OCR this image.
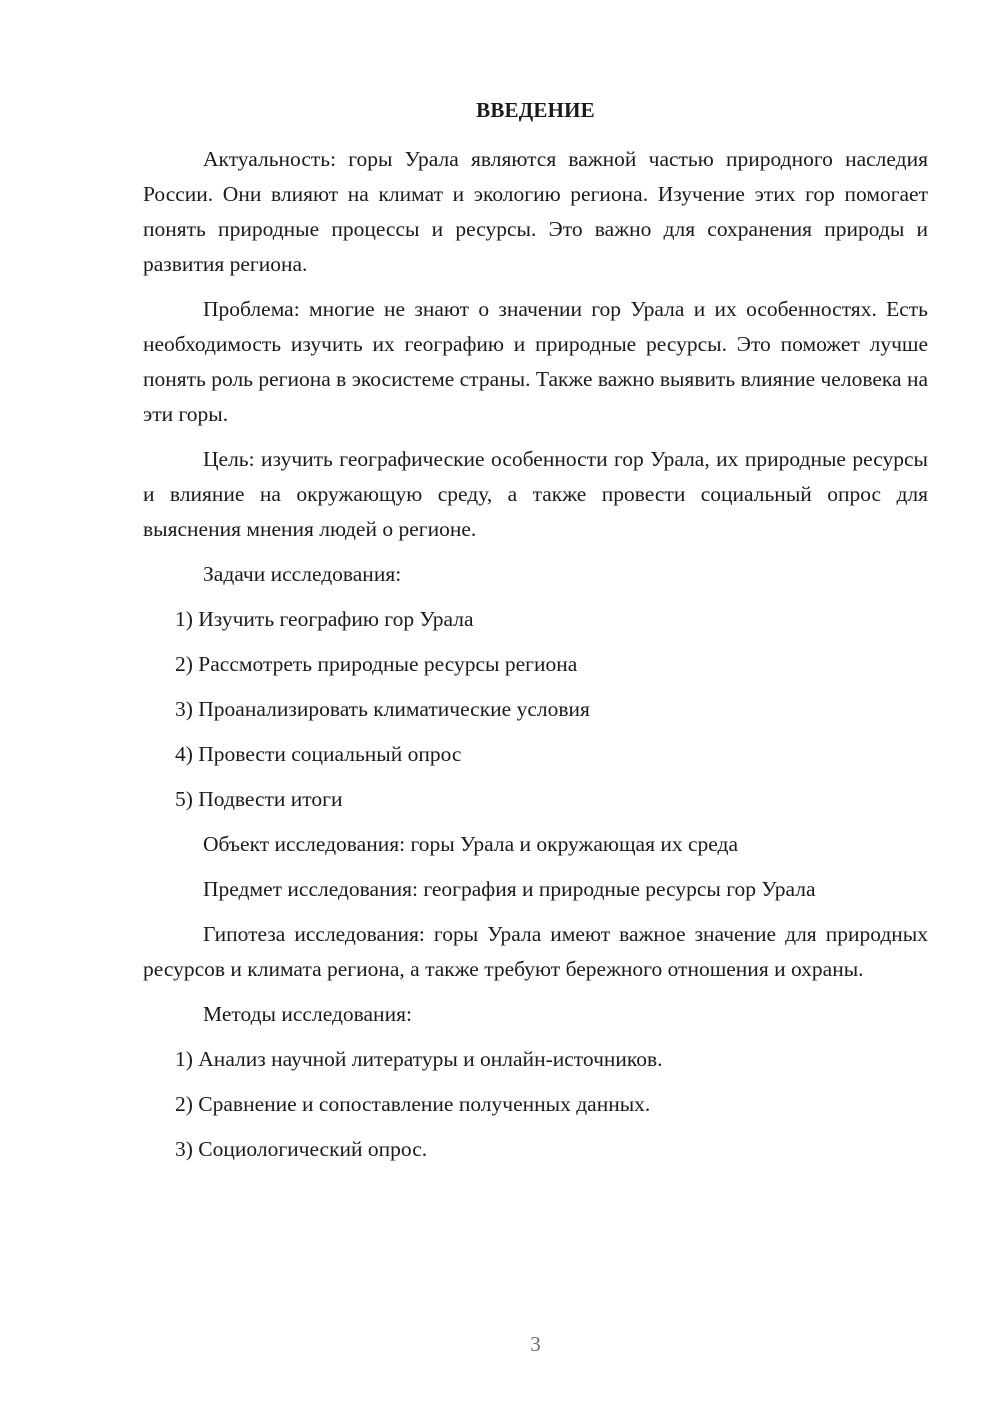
ВВЕДЕНИЕ

Актуальность: горы Урала являются важной частью природного наследия России. Они влияют на климат и экологию региона. Изучение этих гор помогает понять природные процессы и ресурсы. Это важно для сохранения природы и развития региона.

Проблема: многие не знают о значении гор Урала и их особенностях. Есть необходимость изучить их географию и природные ресурсы. Это поможет лучше понять роль региона в экосистеме страны. Также важно выявить влияние человека на эти горы.

Цель: изучить географические особенности гор Урала, их природные ресурсы и влияние на окружающую среду, а также провести социальный опрос для выяснения мнения людей о регионе.

Задачи исследования:

1) Изучить географию гор Урала

2) Рассмотреть природные ресурсы региона

3) Проанализировать климатические условия

4) Провести социальный опрос

5) Подвести итоги

Объект исследования: горы Урала и окружающая их среда

Предмет исследования: география и природные ресурсы гор Урала

Гипотеза исследования: горы Урала имеют важное значение для природных ресурсов и климата региона, а также требуют бережного отношения и охраны.

Методы исследования:

1) Анализ научной литературы и онлайн-источников.

2) Сравнение и сопоставление полученных данных.

3) Социологический опрос.

3
